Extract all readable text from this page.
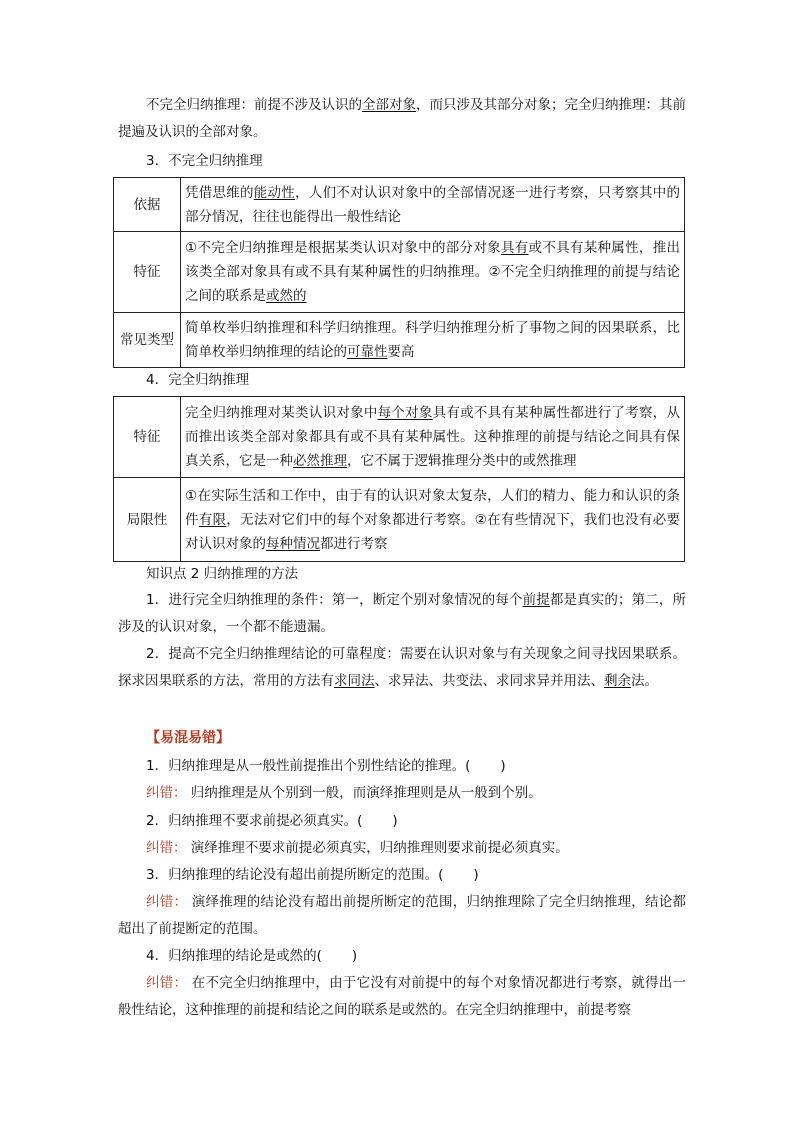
不完全归纳推理：前提不涉及认识的全部对象，而只涉及其部分对象；完全归纳推理：其前提遍及认识的全部对象。

3．不完全归纳推理

依据	凭借思维的能动性，人们不对认识对象中的全部情况逐一进行考察，只考察其中的部分情况，往往也能得出一般性结论
特征	①不完全归纳推理是根据某类认识对象中的部分对象具有或不具有某种属性，推出该类全部对象具有或不具有某种属性的归纳推理。②不完全归纳推理的前提与结论之间的联系是或然的
常见类型	简单枚举归纳推理和科学归纳推理。科学归纳推理分析了事物之间的因果联系，比简单枚举归纳推理的结论的可靠性要高

4．完全归纳推理

特征	完全归纳推理对某类认识对象中每个对象具有或不具有某种属性都进行了考察，从而推出该类全部对象都具有或不具有某种属性。这种推理的前提与结论之间具有保真关系，它是一种必然推理，它不属于逻辑推理分类中的或然推理
局限性	①在实际生活和工作中，由于有的认识对象太复杂，人们的精力、能力和认识的条件有限，无法对它们中的每个对象都进行考察。②在有些情况下，我们也没有必要对认识对象的每种情况都进行考察

知识点 2 归纳推理的方法

1．进行完全归纳推理的条件：第一，断定个别对象情况的每个前提都是真实的；第二，所涉及的认识对象，一个都不能遗漏。

2．提高不完全归纳推理结论的可靠程度：需要在认识对象与有关现象之间寻找因果联系。探求因果联系的方法，常用的方法有求同法、求异法、共变法、求同求异并用法、剩余法。

【易混易错】

1．归纳推理是从一般性前提推出个别性结论的推理。( )

纠错： 归纳推理是从个别到一般，而演绎推理则是从一般到个别。

2．归纳推理不要求前提必须真实。( )

纠错： 演绎推理不要求前提必须真实，归纳推理则要求前提必须真实。

3．归纳推理的结论没有超出前提所断定的范围。( )

纠错： 演绎推理的结论没有超出前提所断定的范围，归纳推理除了完全归纳推理，结论都超出了前提断定的范围。

4．归纳推理的结论是或然的( )

纠错： 在不完全归纳推理中，由于它没有对前提中的每个对象情况都进行考察，就得出一般性结论，这种推理的前提和结论之间的联系是或然的。在完全归纳推理中，前提考察
